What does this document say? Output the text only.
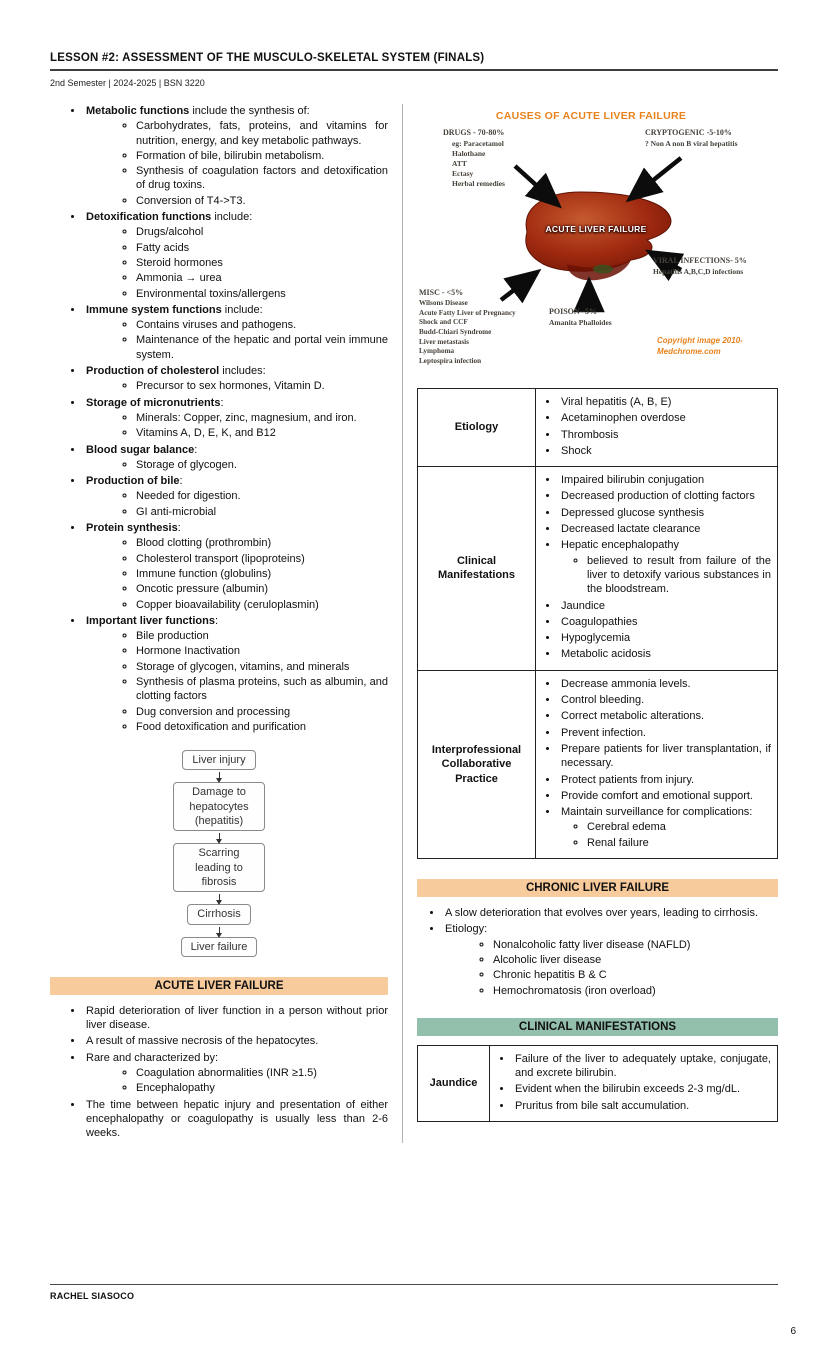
LESSON #2: ASSESSMENT OF THE MUSCULO-SKELETAL SYSTEM (FINALS)
2nd Semester | 2024-2025 | BSN 3220
• Metabolic functions include the synthesis of:
◦ Carbohydrates, fats, proteins, and vitamins for nutrition, energy, and key metabolic pathways.
◦ Formation of bile, bilirubin metabolism.
◦ Synthesis of coagulation factors and detoxification of drug toxins.
◦ Conversion of T4->T3.
• Detoxification functions include:
◦ Drugs/alcohol
◦ Fatty acids
◦ Steroid hormones
◦ Ammonia → urea
◦ Environmental toxins/allergens
• Immune system functions include:
◦ Contains viruses and pathogens.
◦ Maintenance of the hepatic and portal vein immune system.
• Production of cholesterol includes:
◦ Precursor to sex hormones, Vitamin D.
• Storage of micronutrients:
◦ Minerals: Copper, zinc, magnesium, and iron.
◦ Vitamins A, D, E, K, and B12
• Blood sugar balance:
◦ Storage of glycogen.
• Production of bile:
◦ Needed for digestion.
◦ GI anti-microbial
• Protein synthesis:
◦ Blood clotting (prothrombin)
◦ Cholesterol transport (lipoproteins)
◦ Immune function (globulins)
◦ Oncotic pressure (albumin)
◦ Copper bioavailability (ceruloplasmin)
• Important liver functions:
◦ Bile production
◦ Hormone Inactivation
◦ Storage of glycogen, vitamins, and minerals
◦ Synthesis of plasma proteins, such as albumin, and clotting factors
◦ Dug conversion and processing
◦ Food detoxification and purification
Liver injury
Damage to hepatocytes (hepatitis)
Scarring leading to fibrosis
Cirrhosis
Liver failure
ACUTE LIVER FAILURE
• Rapid deterioration of liver function in a person without prior liver disease.
• A result of massive necrosis of the hepatocytes.
• Rare and characterized by:
◦ Coagulation abnormalities (INR ≥1.5)
◦ Encephalopathy
• The time between hepatic injury and presentation of either encephalopathy or coagulopathy is usually less than 2-6 weeks.
CAUSES OF ACUTE LIVER FAILURE
DRUGS - 70-80%
eg: Paracetamol
Halothane
ATT
Ectasy
Herbal remedies
CRYPTOGENIC -5-10%
? Non A non B viral hepatitis
VIRAL INFECTIONS- 5%
Hepatitis A,B,C,D infections
MISC - <5%
Wilsons Disease
Acute Fatty Liver of Pregnancy
Shock and CCF
Budd-Chiari Syndrome
Liver metastasis
Lymphoma
Leptospira infection
POISON--5%
Amanita Phalloides
ACUTE LIVER FAILURE
Copyright image 2010-
Medchrome.com
Etiology	
• Viral hepatitis (A, B, E)
• Acetaminophen overdose
• Thrombosis
• Shock

Clinical Manifestations	
• Impaired bilirubin conjugation
• Decreased production of clotting factors
• Depressed glucose synthesis
• Decreased lactate clearance
• Hepatic encephalopathy
◦ believed to result from failure of the liver to detoxify various substances in the bloodstream.
• Jaundice
• Coagulopathies
• Hypoglycemia
• Metabolic acidosis

Interprofessional Collaborative Practice	
• Decrease ammonia levels.
• Control bleeding.
• Correct metabolic alterations.
• Prevent infection.
• Prepare patients for liver transplantation, if necessary.
• Protect patients from injury.
• Provide comfort and emotional support.
• Maintain surveillance for complications:
◦ Cerebral edema
◦ Renal failure
CHRONIC LIVER FAILURE
• A slow deterioration that evolves over years, leading to cirrhosis.
• Etiology:
◦ Nonalcoholic fatty liver disease (NAFLD)
◦ Alcoholic liver disease
◦ Chronic hepatitis B & C
◦ Hemochromatosis (iron overload)
CLINICAL MANIFESTATIONS
Jaundice	
• Failure of the liver to adequately uptake, conjugate, and excrete bilirubin.
• Evident when the bilirubin exceeds 2-3 mg/dL.
• Pruritus from bile salt accumulation.
RACHEL SIASOCO
6
